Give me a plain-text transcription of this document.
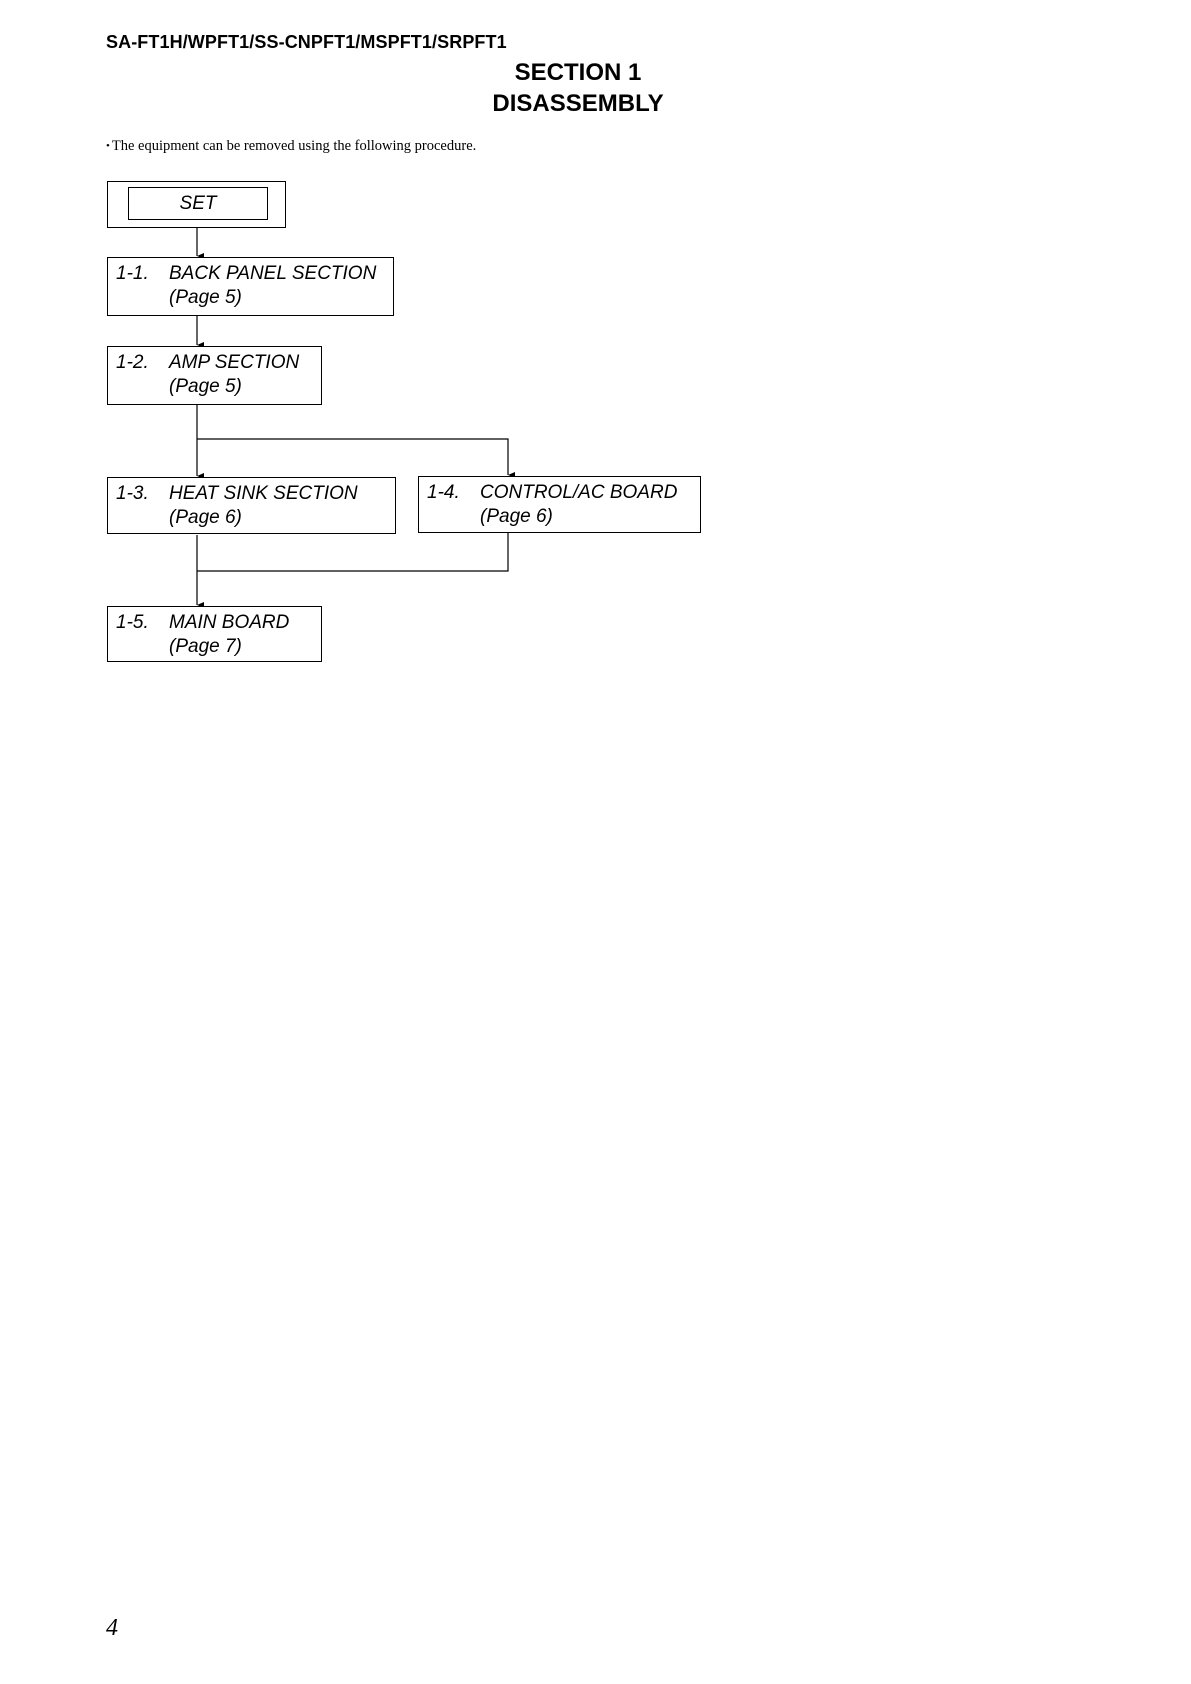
SA-FT1H/WPFT1/SS-CNPFT1/MSPFT1/SRPFT1
SECTION 1
DISASSEMBLY
• The equipment can be removed using the following procedure.
SET
1-1. BACK PANEL SECTION
(Page 5)
1-2. AMP SECTION
(Page 5)
1-3. HEAT SINK SECTION
(Page 6)
1-4. CONTROL/AC BOARD
(Page 6)
1-5. MAIN BOARD
(Page 7)
4
